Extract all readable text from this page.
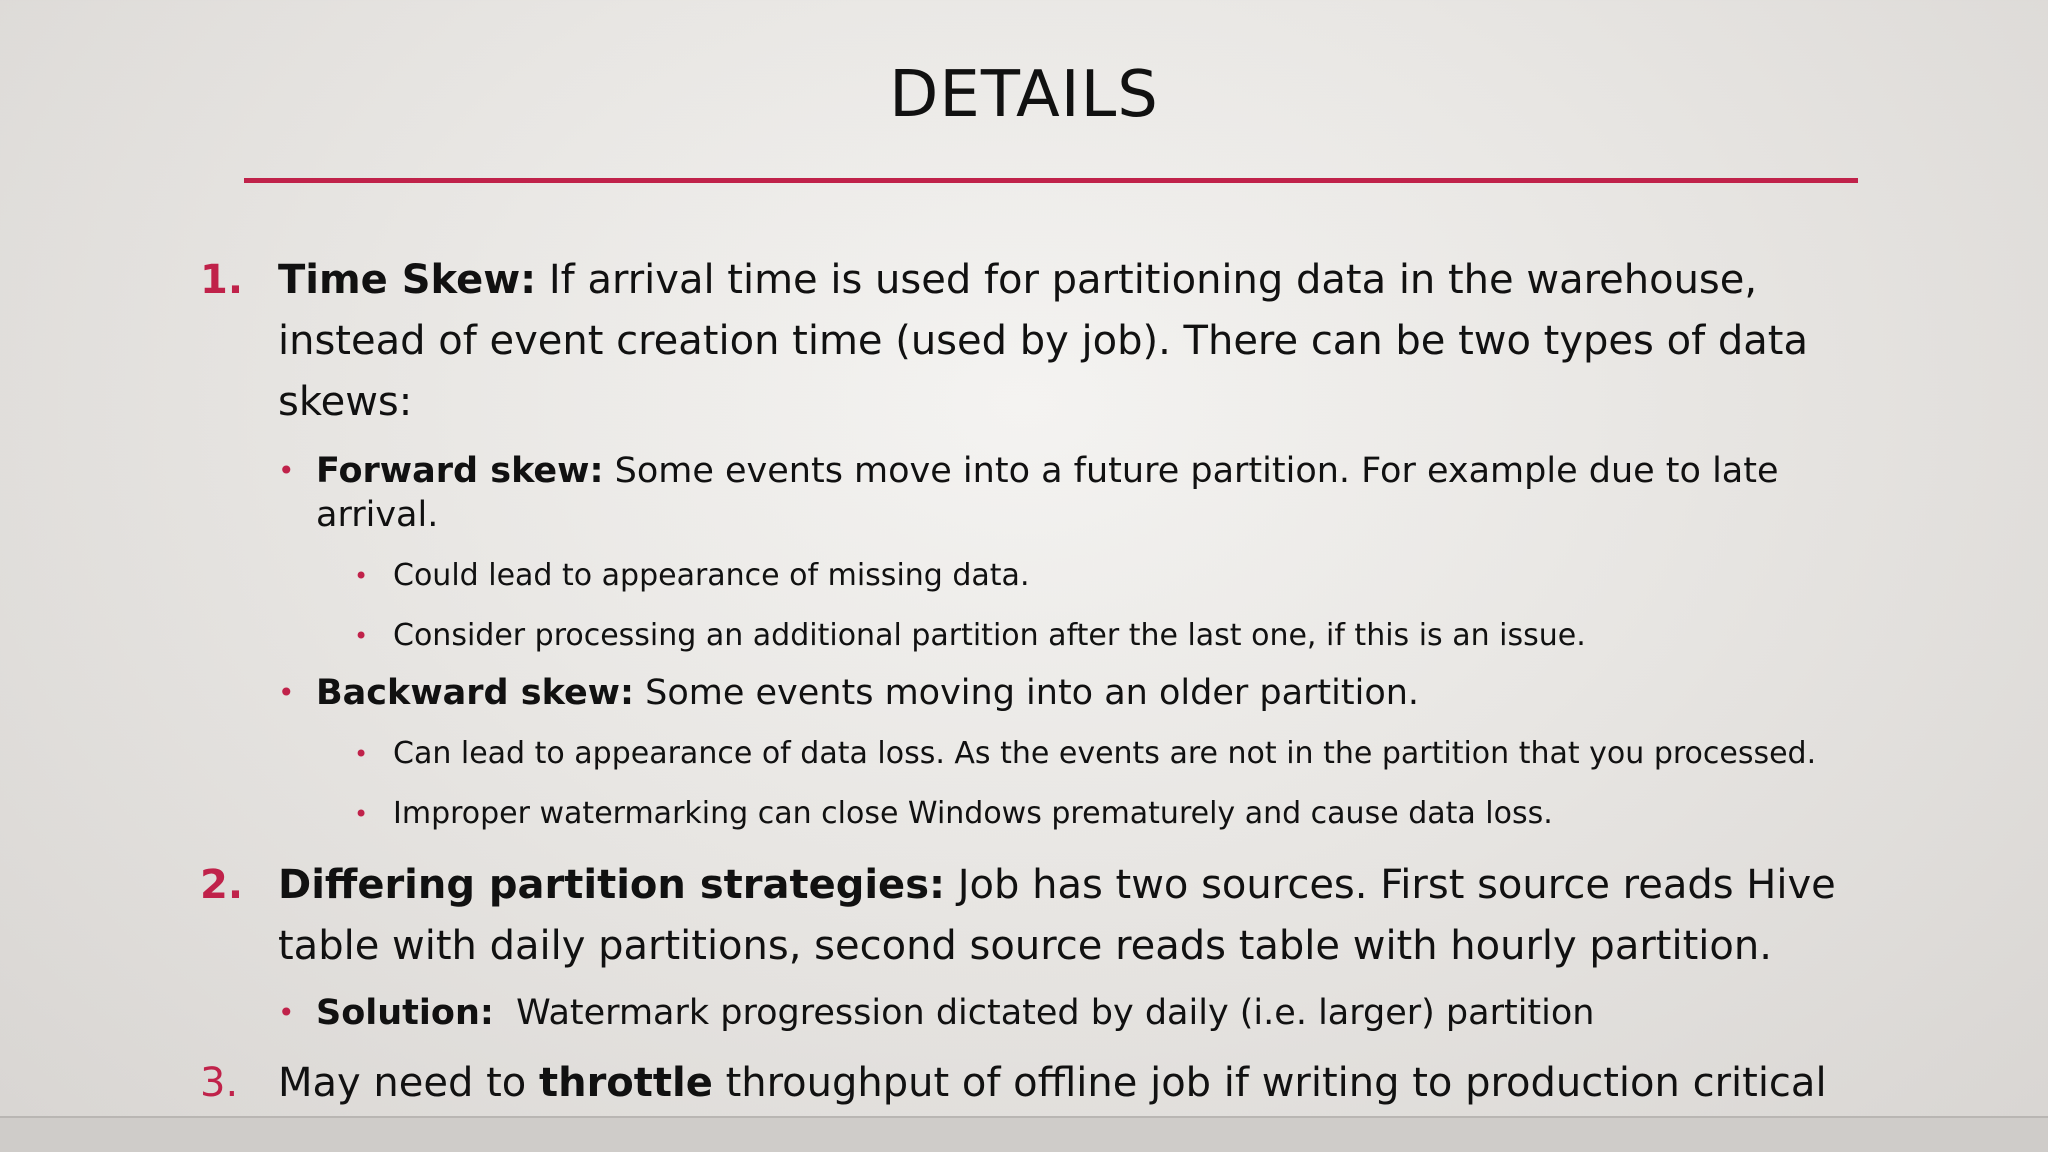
DETAILS
1. Time Skew: If arrival time is used for partitioning data in the warehouse, instead of event creation time (used by job). There can be two types of data skews:
• Forward skew: Some events move into a future partition. For example due to late arrival.
• Could lead to appearance of missing data.
• Consider processing an additional partition after the last one, if this is an issue.
• Backward skew: Some events moving into an older partition.
• Can lead to appearance of data loss. As the events are not in the partition that you processed.
• Improper watermarking can close Windows prematurely and cause data loss.
2. Differing partition strategies: Job has two sources. First source reads Hive table with daily partitions, second source reads table with hourly partition.
• Solution:  Watermark progression dictated by daily (i.e. larger) partition
3. May need to throttle throughput of offline job if writing to production critical
